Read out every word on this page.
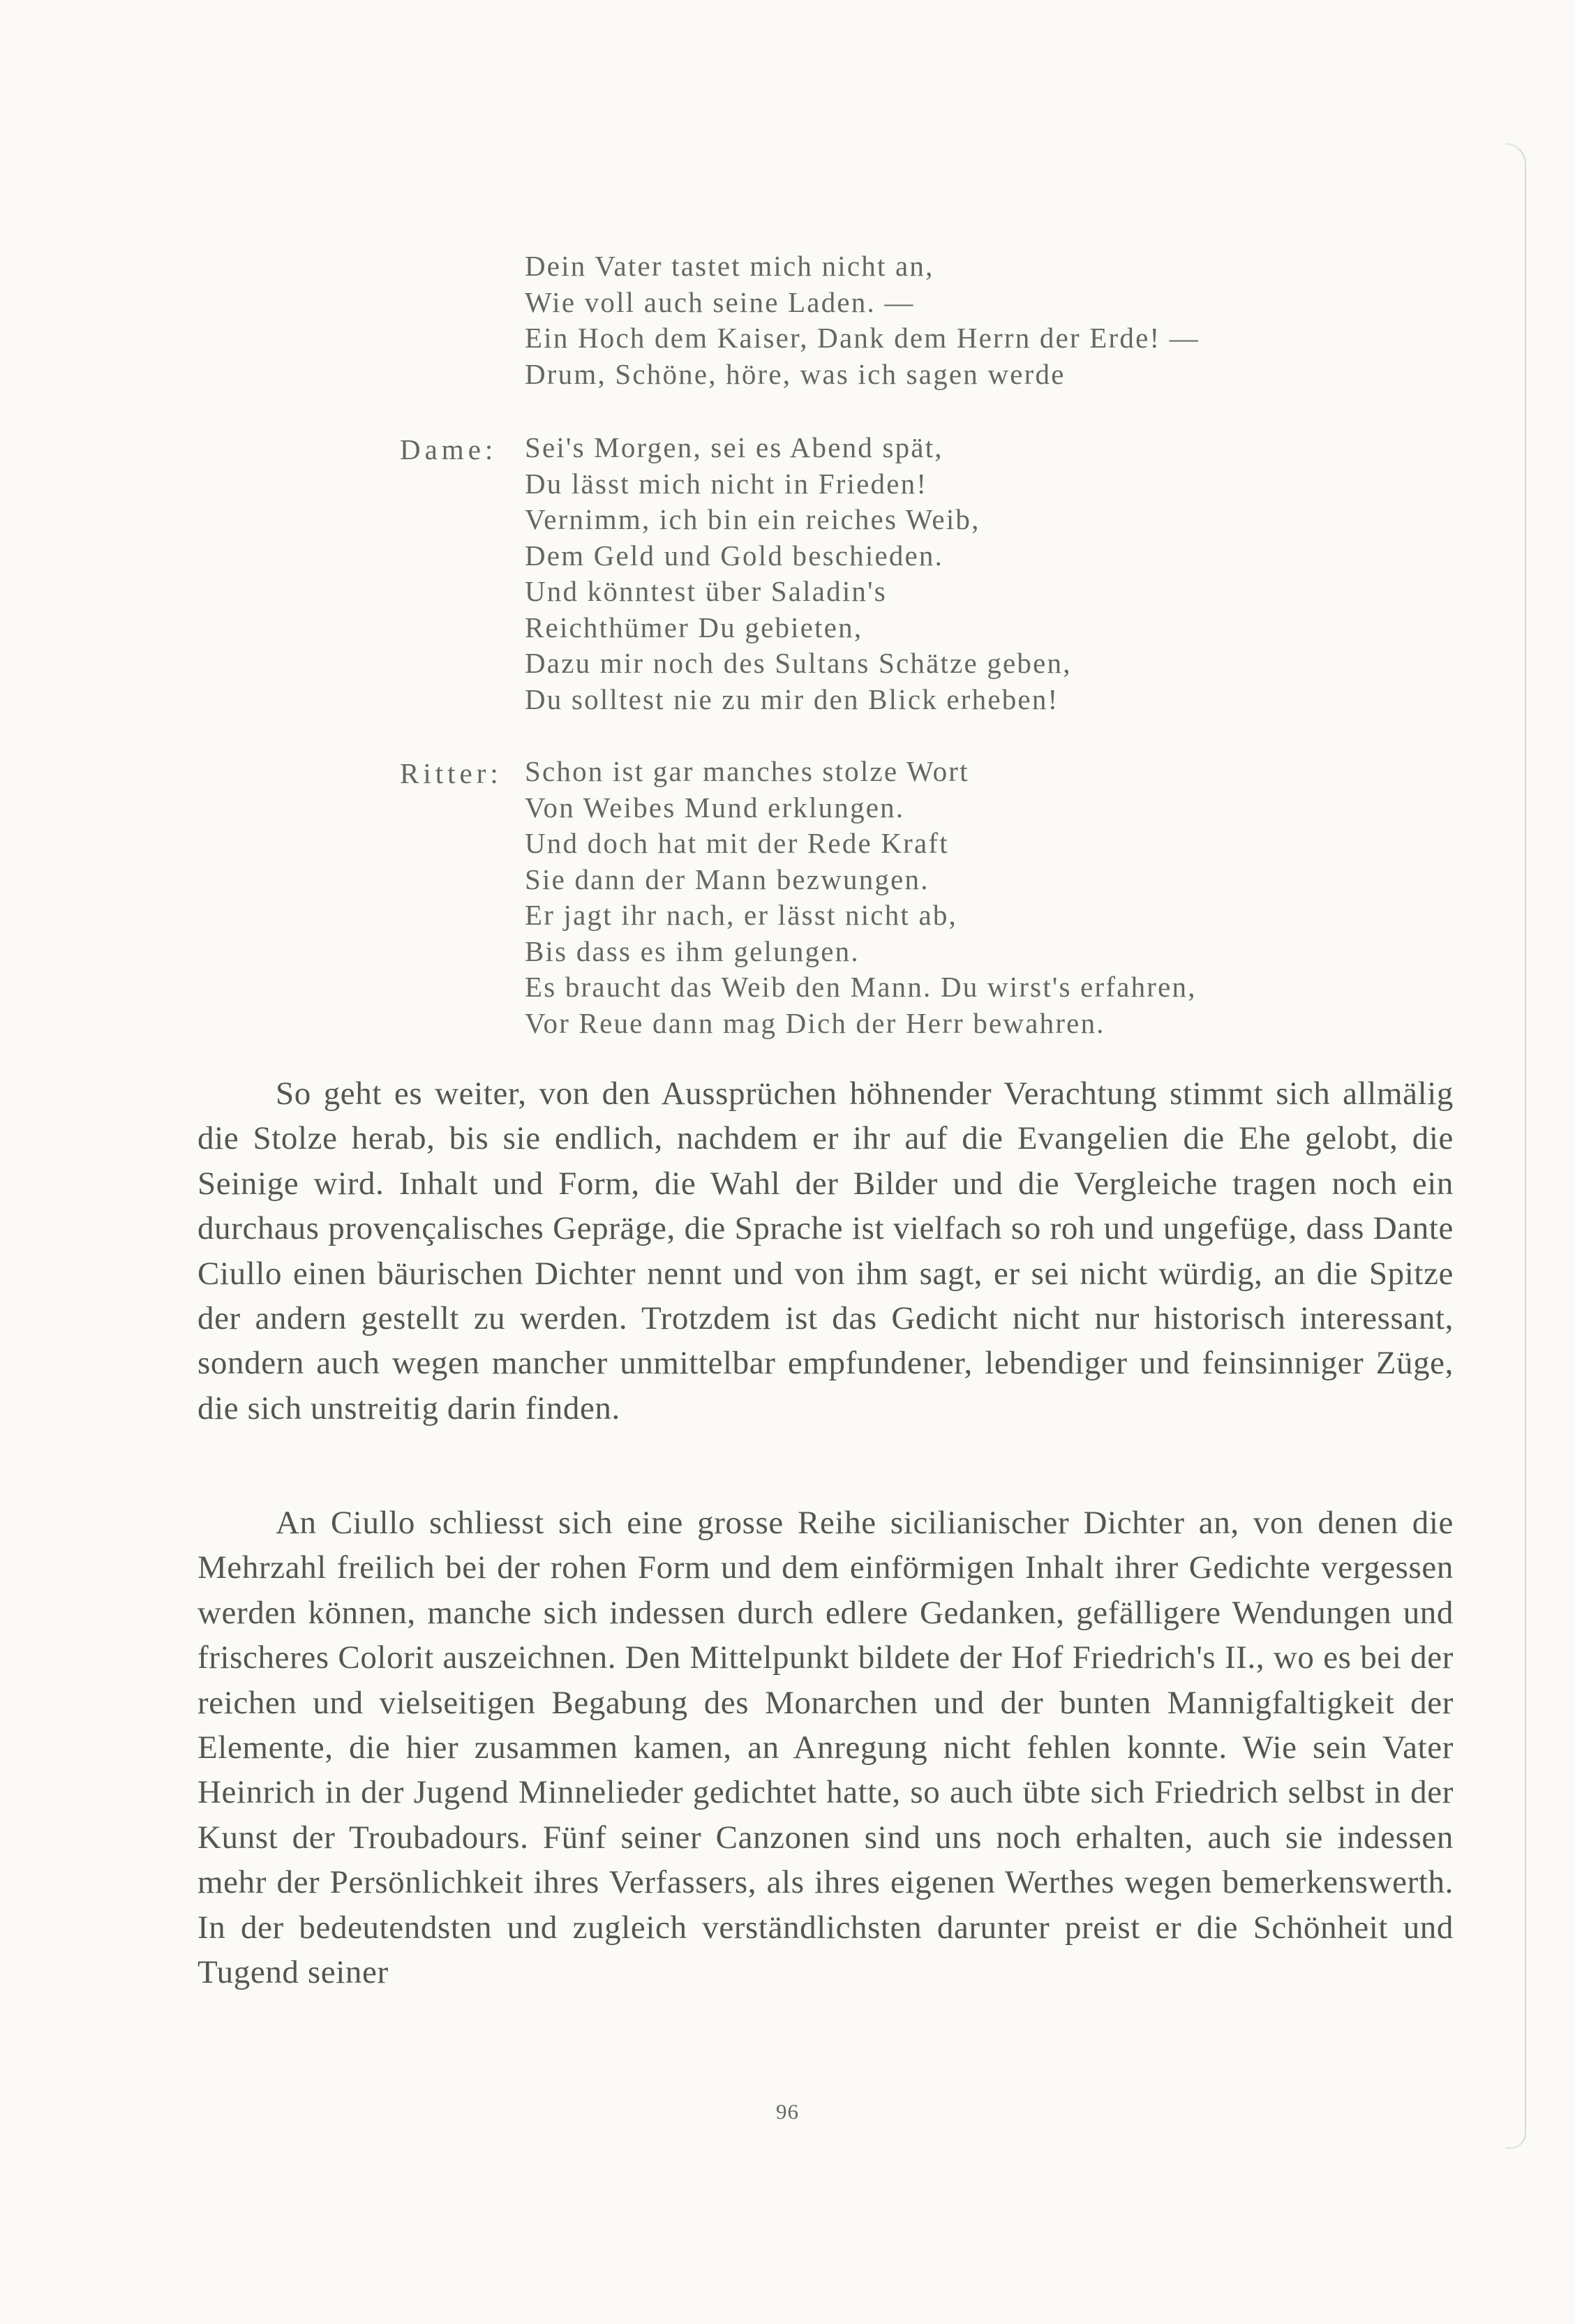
Dein Vater tastet mich nicht an,
Wie voll auch seine Laden. —
Ein Hoch dem Kaiser, Dank dem Herrn der Erde! —
Drum, Schöne, höre, was ich sagen werde
Dame: Sei's Morgen, sei es Abend spät,
Du lässt mich nicht in Frieden!
Vernimm, ich bin ein reiches Weib,
Dem Geld und Gold beschieden.
Und könntest über Saladin's
Reichthümer Du gebieten,
Dazu mir noch des Sultans Schätze geben,
Du solltest nie zu mir den Blick erheben!
Ritter: Schon ist gar manches stolze Wort
Von Weibes Mund erklungen.
Und doch hat mit der Rede Kraft
Sie dann der Mann bezwungen.
Er jagt ihr nach, er lässt nicht ab,
Bis dass es ihm gelungen.
Es braucht das Weib den Mann. Du wirst's erfahren,
Vor Reue dann mag Dich der Herr bewahren.

So geht es weiter, von den Aussprüchen höhnender Verachtung stimmt sich allmälig die Stolze herab, bis sie endlich, nachdem er ihr auf die Evangelien die Ehe gelobt, die Seinige wird. Inhalt und Form, die Wahl der Bilder und die Vergleiche tragen noch ein durchaus provençalisches Gepräge, die Sprache ist vielfach so roh und ungefüge, dass Dante Ciullo einen bäurischen Dichter nennt und von ihm sagt, er sei nicht würdig, an die Spitze der andern gestellt zu werden. Trotzdem ist das Gedicht nicht nur historisch interessant, sondern auch wegen mancher unmittelbar empfundener, lebendiger und feinsinniger Züge, die sich unstreitig darin finden.

An Ciullo schliesst sich eine grosse Reihe sicilianischer Dichter an, von denen die Mehrzahl freilich bei der rohen Form und dem einförmigen Inhalt ihrer Gedichte vergessen werden können, manche sich indessen durch edlere Gedanken, gefälligere Wendungen und frischeres Colorit auszeichnen. Den Mittelpunkt bildete der Hof Friedrich's II., wo es bei der reichen und vielseitigen Begabung des Monarchen und der bunten Mannigfaltigkeit der Elemente, die hier zusammen kamen, an Anregung nicht fehlen konnte. Wie sein Vater Heinrich in der Jugend Minnelieder gedichtet hatte, so auch übte sich Friedrich selbst in der Kunst der Troubadours. Fünf seiner Canzonen sind uns noch erhalten, auch sie indessen mehr der Persönlichkeit ihres Verfassers, als ihres eigenen Werthes wegen bemerkenswerth. In der bedeutendsten und zugleich verständlichsten darunter preist er die Schönheit und Tugend seiner

96
